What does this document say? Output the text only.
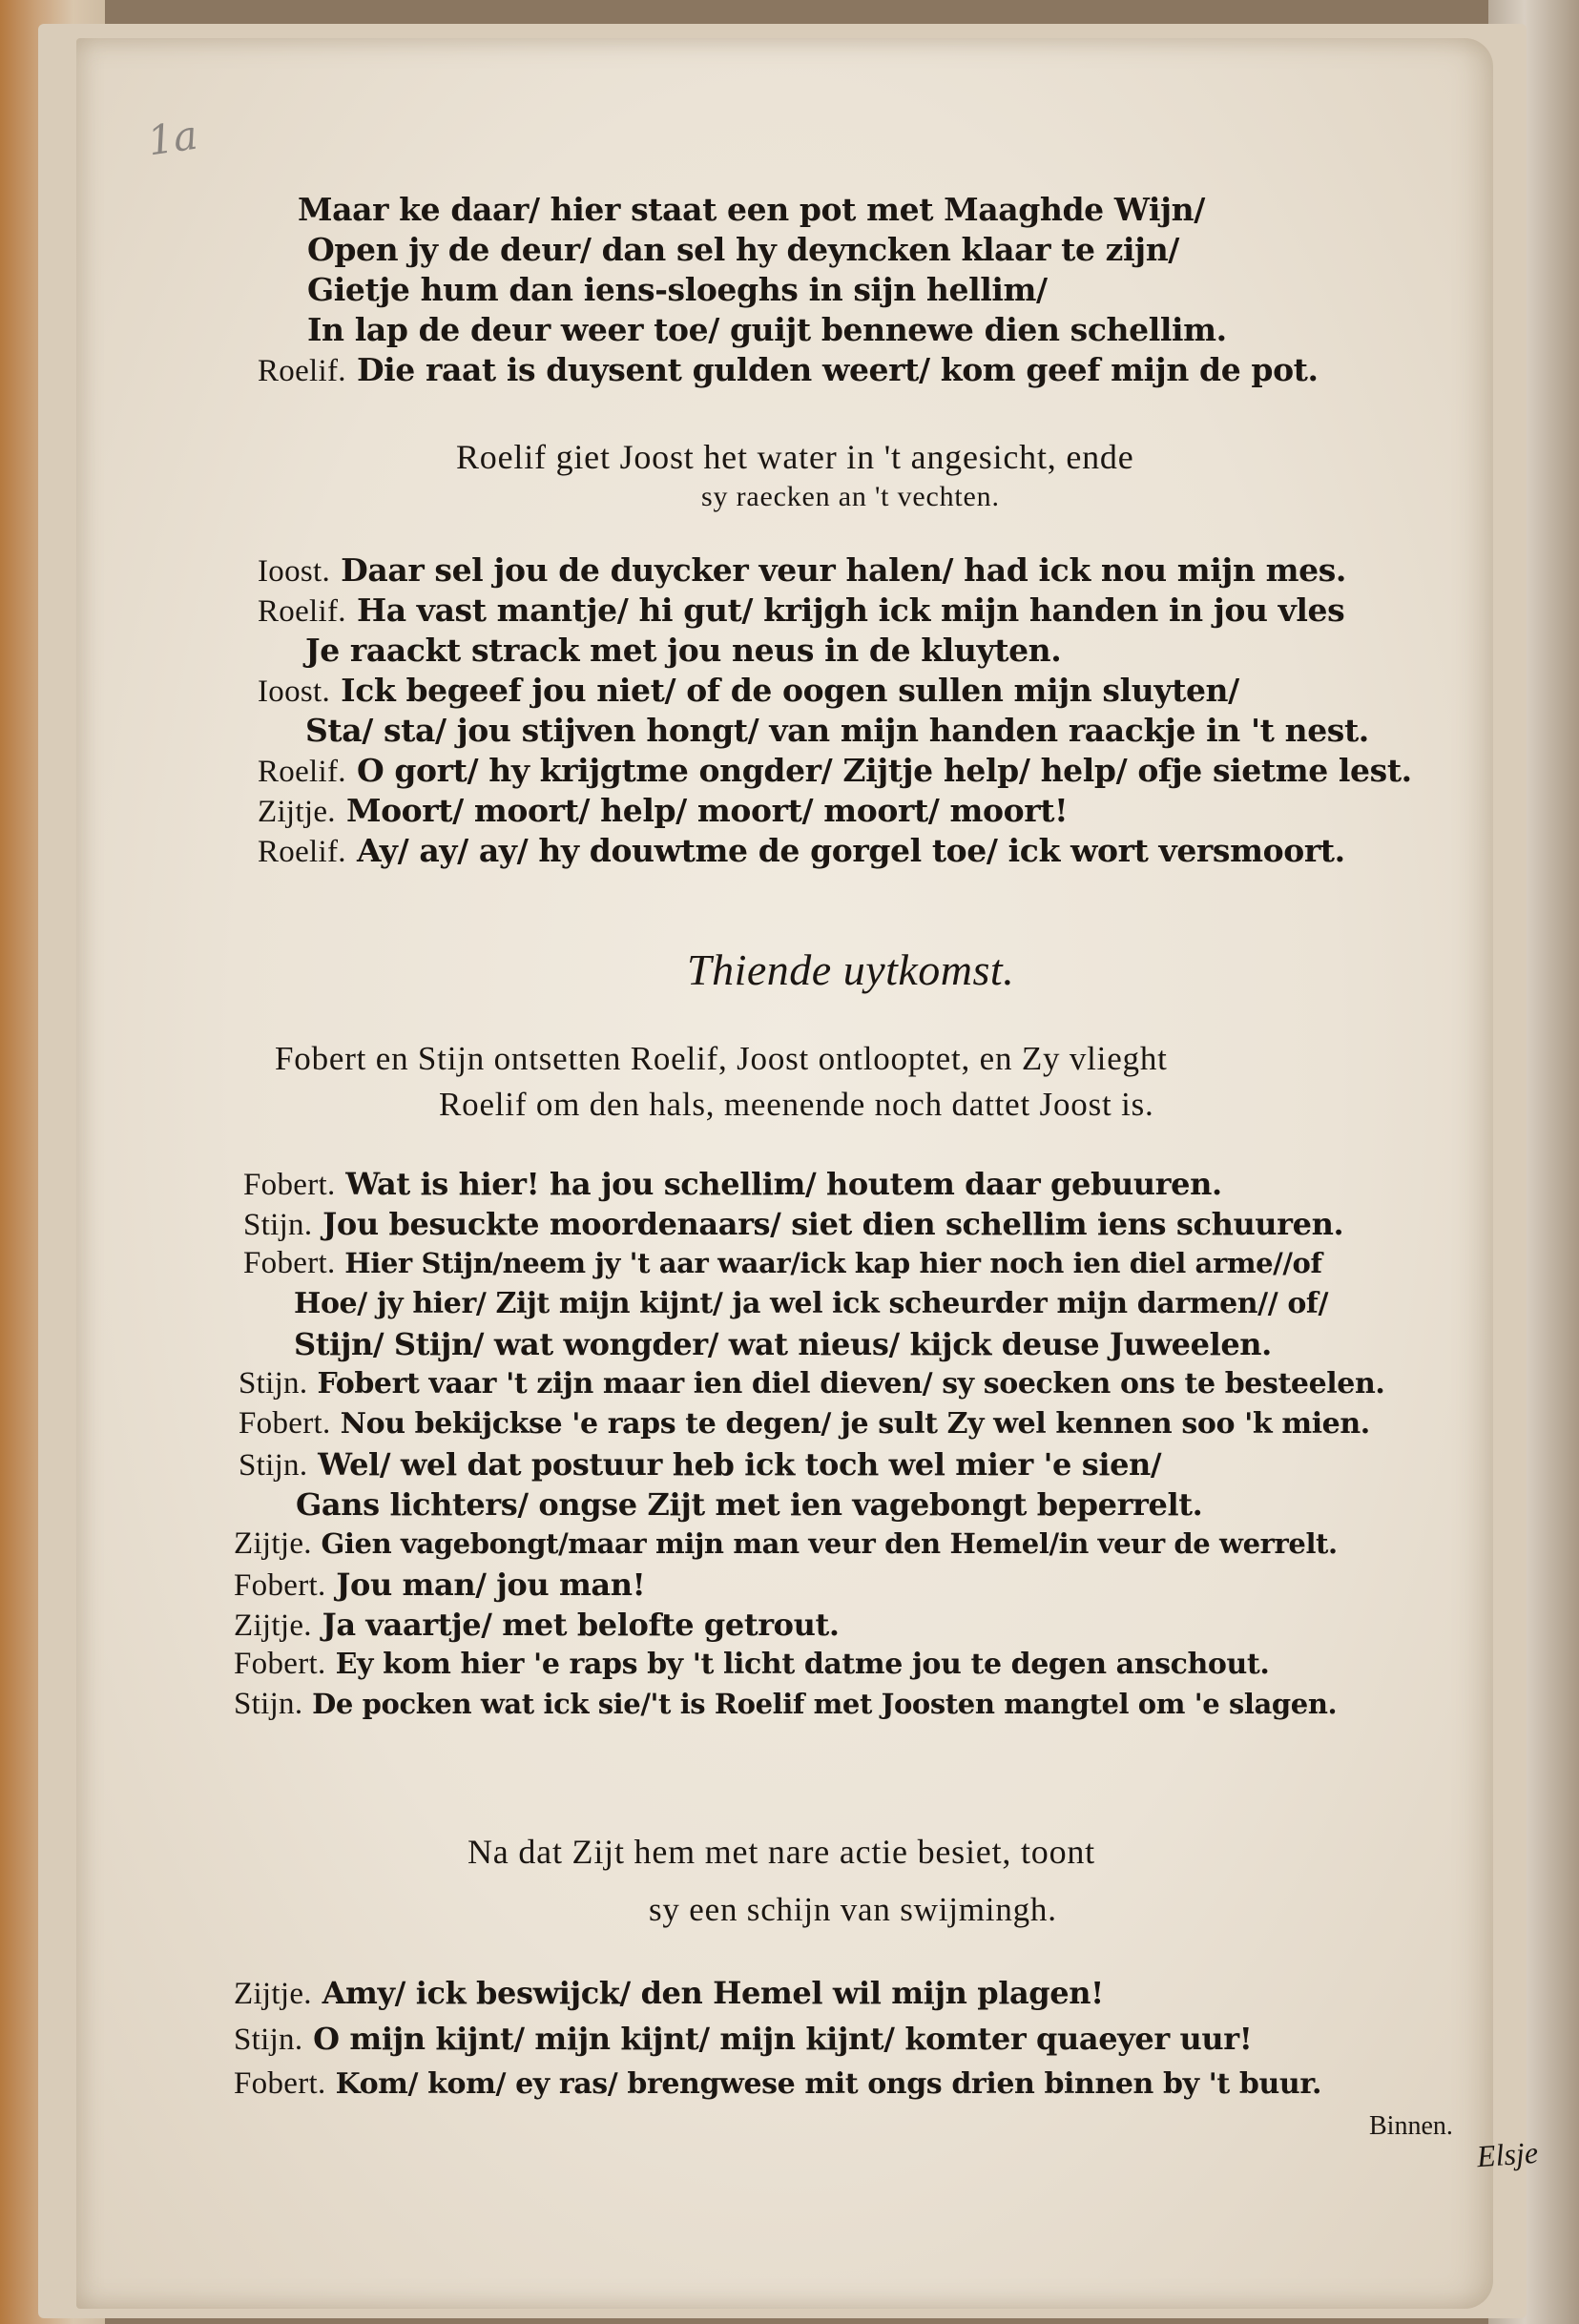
1a
Maar ke daar/ hier staat een pot met Maaghde Wijn/
Open jy de deur/ dan sel hy deyncken klaar te zijn/
Gietje hum dan iens-sloeghs in sijn hellim/
In lap de deur weer toe/ guijt bennewe dien schellim.
Roelif. Die raat is duysent gulden weert/ kom geef mijn de pot.
Roelif giet Joost het water in 't angesicht, ende
sy raecken an 't vechten.
Ioost. Daar sel jou de duycker veur halen/ had ick nou mijn mes.
Roelif. Ha vast mantje/ hi gut/ krijgh ick mijn handen in jou vles
Je raackt strack met jou neus in de kluyten.
Ioost. Ick begeef jou niet/ of de oogen sullen mijn sluyten/
Sta/ sta/ jou stijven hongt/ van mijn handen raackje in 't nest.
Roelif. O gort/ hy krijgtme ongder/ Zijtje help/ help/ ofje sietme lest.
Zijtje. Moort/ moort/ help/ moort/ moort/ moort!
Roelif. Ay/ ay/ ay/ hy douwtme de gorgel toe/ ick wort versmoort.
Thiende uytkomst.
Fobert en Stijn ontsetten Roelif, Joost ontlooptet, en Zy vlieght
Roelif om den hals, meenende noch dattet Joost is.
Fobert. Wat is hier! ha jou schellim/ houtem daar gebuuren.
Stijn. Jou besuckte moordenaars/ siet dien schellim iens schuuren.
Fobert. Hier Stijn/neem jy 't aar waar/ick kap hier noch ien diel arme//of
Hoe/ jy hier/ Zijt mijn kijnt/ ja wel ick scheurder mijn darmen// of/
Stijn/ Stijn/ wat wongder/ wat nieus/ kijck deuse Juweelen.
Stijn. Fobert vaar 't zijn maar ien diel dieven/ sy soecken ons te besteelen.
Fobert. Nou bekijckse 'e raps te degen/ je sult Zy wel kennen soo 'k mien.
Stijn. Wel/ wel dat postuur heb ick toch wel mier 'e sien/
Gans lichters/ ongse Zijt met ien vagebongt beperrelt.
Zijtje. Gien vagebongt/maar mijn man veur den Hemel/in veur de werrelt.
Fobert. Jou man/ jou man!
Zijtje. Ja vaartje/ met belofte getrout.
Fobert. Ey kom hier 'e raps by 't licht datme jou te degen anschout.
Stijn. De pocken wat ick sie/'t is Roelif met Joosten mangtel om 'e slagen.
Na dat Zijt hem met nare actie besiet, toont
sy een schijn van swijmingh.
Zijtje. Amy/ ick beswijck/ den Hemel wil mijn plagen!
Stijn. O mijn kijnt/ mijn kijnt/ mijn kijnt/ komter quaeyer uur!
Fobert. Kom/ kom/ ey ras/ brengwese mit ongs drien binnen by 't buur.
Binnen.
Elsje
